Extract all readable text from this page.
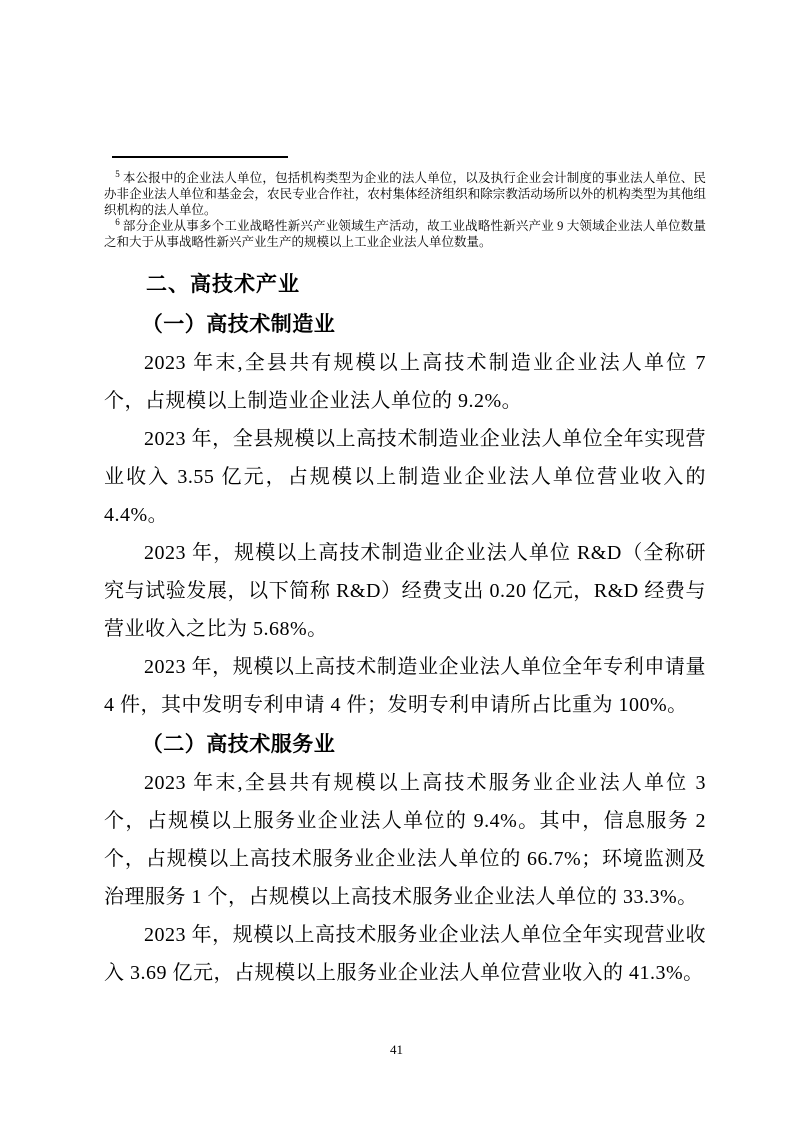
$^5$ 本公报中的企业法人单位，包括机构类型为企业的法人单位，以及执行企业会计制度的事业法人单位、民办非企业法人单位和基金会，农民专业合作社，农村集体经济组织和除宗教活动场所以外的机构类型为其他组织机构的法人单位。
$^6$ 部分企业从事多个工业战略性新兴产业领域生产活动，故工业战略性新兴产业 9 大领域企业法人单位数量之和大于从事战略性新兴产业生产的规模以上工业企业法人单位数量。
二、高技术产业
（一）高技术制造业

2023 年末,全县共有规模以上高技术制造业企业法人单位 7 个，占规模以上制造业企业法人单位的 9.2%。

2023 年，全县规模以上高技术制造业企业法人单位全年实现营业收入 3.55 亿元，占规模以上制造业企业法人单位营业收入的 4.4%。

2023 年，规模以上高技术制造业企业法人单位 R&D（全称研究与试验发展，以下简称 R&D）经费支出 0.20 亿元，R&D 经费与营业收入之比为 5.68%。

2023 年，规模以上高技术制造业企业法人单位全年专利申请量 4 件，其中发明专利申请 4 件；发明专利申请所占比重为 100%。

（二）高技术服务业

2023 年末,全县共有规模以上高技术服务业企业法人单位 3 个，占规模以上服务业企业法人单位的 9.4%。其中，信息服务 2 个，占规模以上高技术服务业企业法人单位的 66.7%；环境监测及治理服务 1 个，占规模以上高技术服务业企业法人单位的 33.3%。

2023 年，规模以上高技术服务业企业法人单位全年实现营业收入 3.69 亿元，占规模以上服务业企业法人单位营业收入的 41.3%。

41
